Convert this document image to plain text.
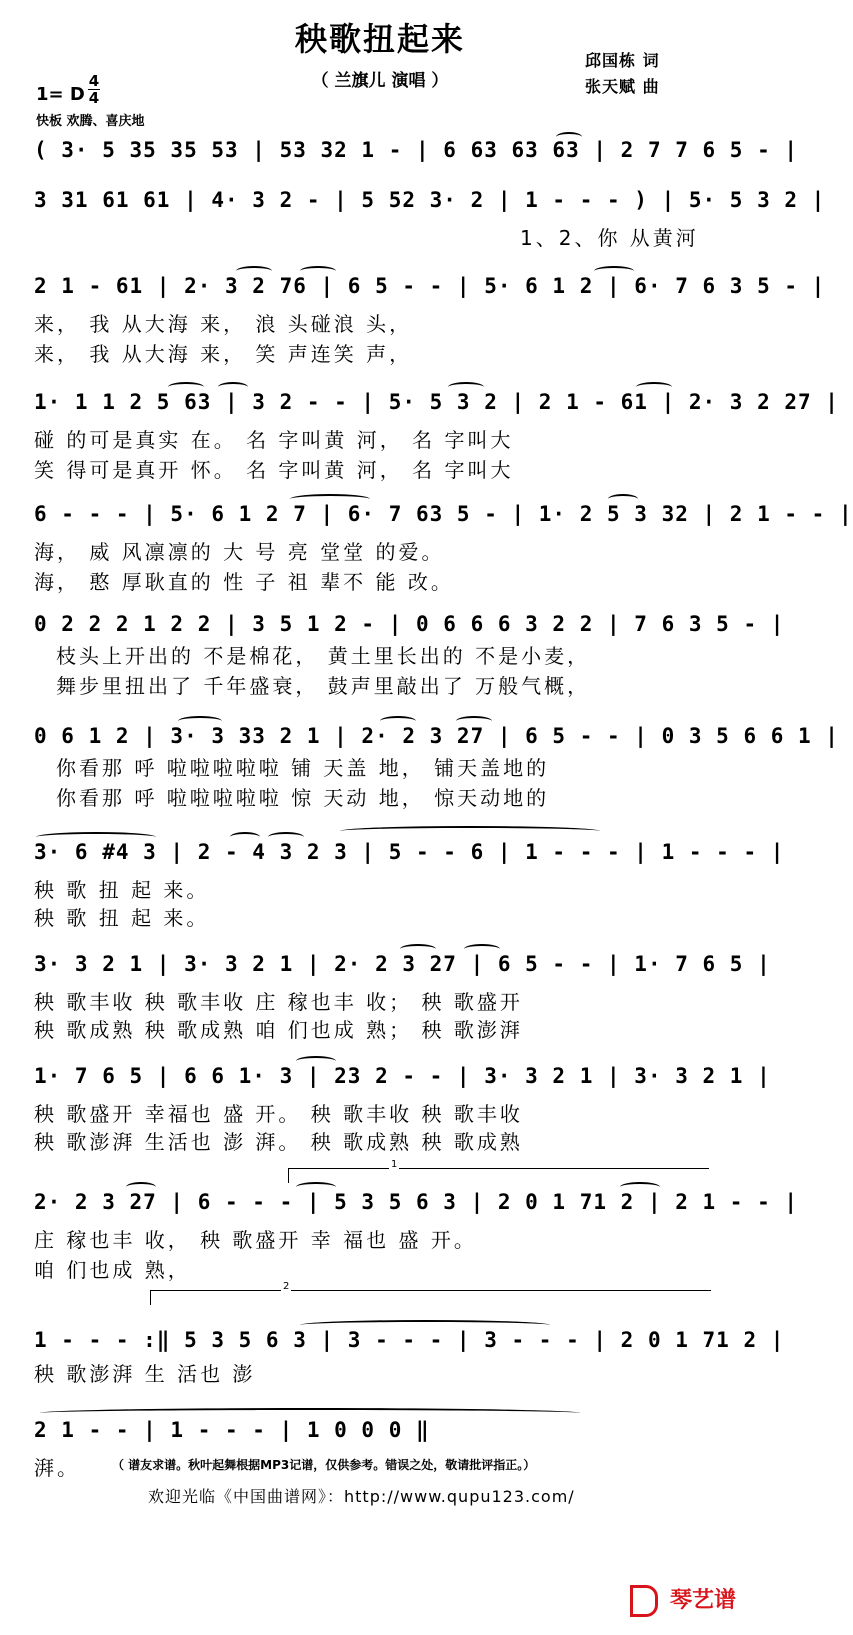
秧歌扭起来
（ 兰旗儿 演唱 ）
邱国栋 词
张天赋 曲
1= D
4
4
快板 欢腾、喜庆地
( 3· 5 35 35 53 | 53 32 1 - | 6 63 63 63 | 2 7 7 6 5 - |
3 31 61 61 | 4· 3 2 - | 5 52 3· 2 | 1 - - - ) | 5· 5 3 2 |
1、2、你 从黄河
2 1 - 61 | 2· 3 2 76 | 6 5 - - | 5· 6 1 2 | 6· 7 6 3 5 - |
来， 我 从大海 来， 浪 头碰浪 头，
来， 我 从大海 来， 笑 声连笑 声，
1· 1 1 2 5 63 | 3 2 - - | 5· 5 3 2 | 2 1 - 61 | 2· 3 2 27 |
碰 的可是真实 在。 名 字叫黄 河， 名 字叫大
笑 得可是真开 怀。 名 字叫黄 河， 名 字叫大
6 - - - | 5· 6 1 2 7 | 6· 7 63 5 - | 1· 2 5 3 32 | 2 1 - - |
海， 威 风凛凛的 大 号 亮 堂堂 的爱。
海， 憨 厚耿直的 性 子 祖 辈不 能 改。
0 2 2 2 1 2 2 | 3 5 1 2 - | 0 6 6 6 3 2 2 | 7 6 3 5 - |
枝头上开出的 不是棉花， 黄土里长出的 不是小麦，
舞步里扭出了 千年盛衰， 鼓声里敲出了 万般气概，
0 6 1 2 | 3· 3 33 2 1 | 2· 2 3 27 | 6 5 - - | 0 3 5 6 6 1 |
你看那 呼 啦啦啦啦啦 铺 天盖 地， 铺天盖地的
你看那 呼 啦啦啦啦啦 惊 天动 地， 惊天动地的
3· 6 #4 3 | 2 - 4 3 2 3 | 5 - - 6 | 1 - - - | 1 - - - |
秧 歌 扭 起 来。
秧 歌 扭 起 来。
3· 3 2 1 | 3· 3 2 1 | 2· 2 3 27 | 6 5 - - | 1· 7 6 5 |
秧 歌丰收 秧 歌丰收 庄 稼也丰 收； 秧 歌盛开
秧 歌成熟 秧 歌成熟 咱 们也成 熟； 秧 歌澎湃
1· 7 6 5 | 6 6 1· 3 | 23 2 - - | 3· 3 2 1 | 3· 3 2 1 |
秧 歌盛开 幸福也 盛 开。 秧 歌丰收 秧 歌丰收
秧 歌澎湃 生活也 澎 湃。 秧 歌成熟 秧 歌成熟
1
2· 2 3 27 | 6 - - - | 5 3 5 6 3 | 2 0 1 71 2 | 2 1 - - |
庄 稼也丰 收， 秧 歌盛开 幸 福也 盛 开。
咱 们也成 熟，
2
1 - - - :‖ 5 3 5 6 3 | 3 - - - | 3 - - - | 2 0 1 71 2 |
秧 歌澎湃 生 活也 澎
2 1 - - | 1 - - - | 1 0 0 0 ‖
湃。	（ 谱友求谱。秋叶起舞根据MP3记谱，仅供参考。错误之处，敬请批评指正。）
欢迎光临《中国曲谱网》：http://www.qupu123.com/
琴艺谱
